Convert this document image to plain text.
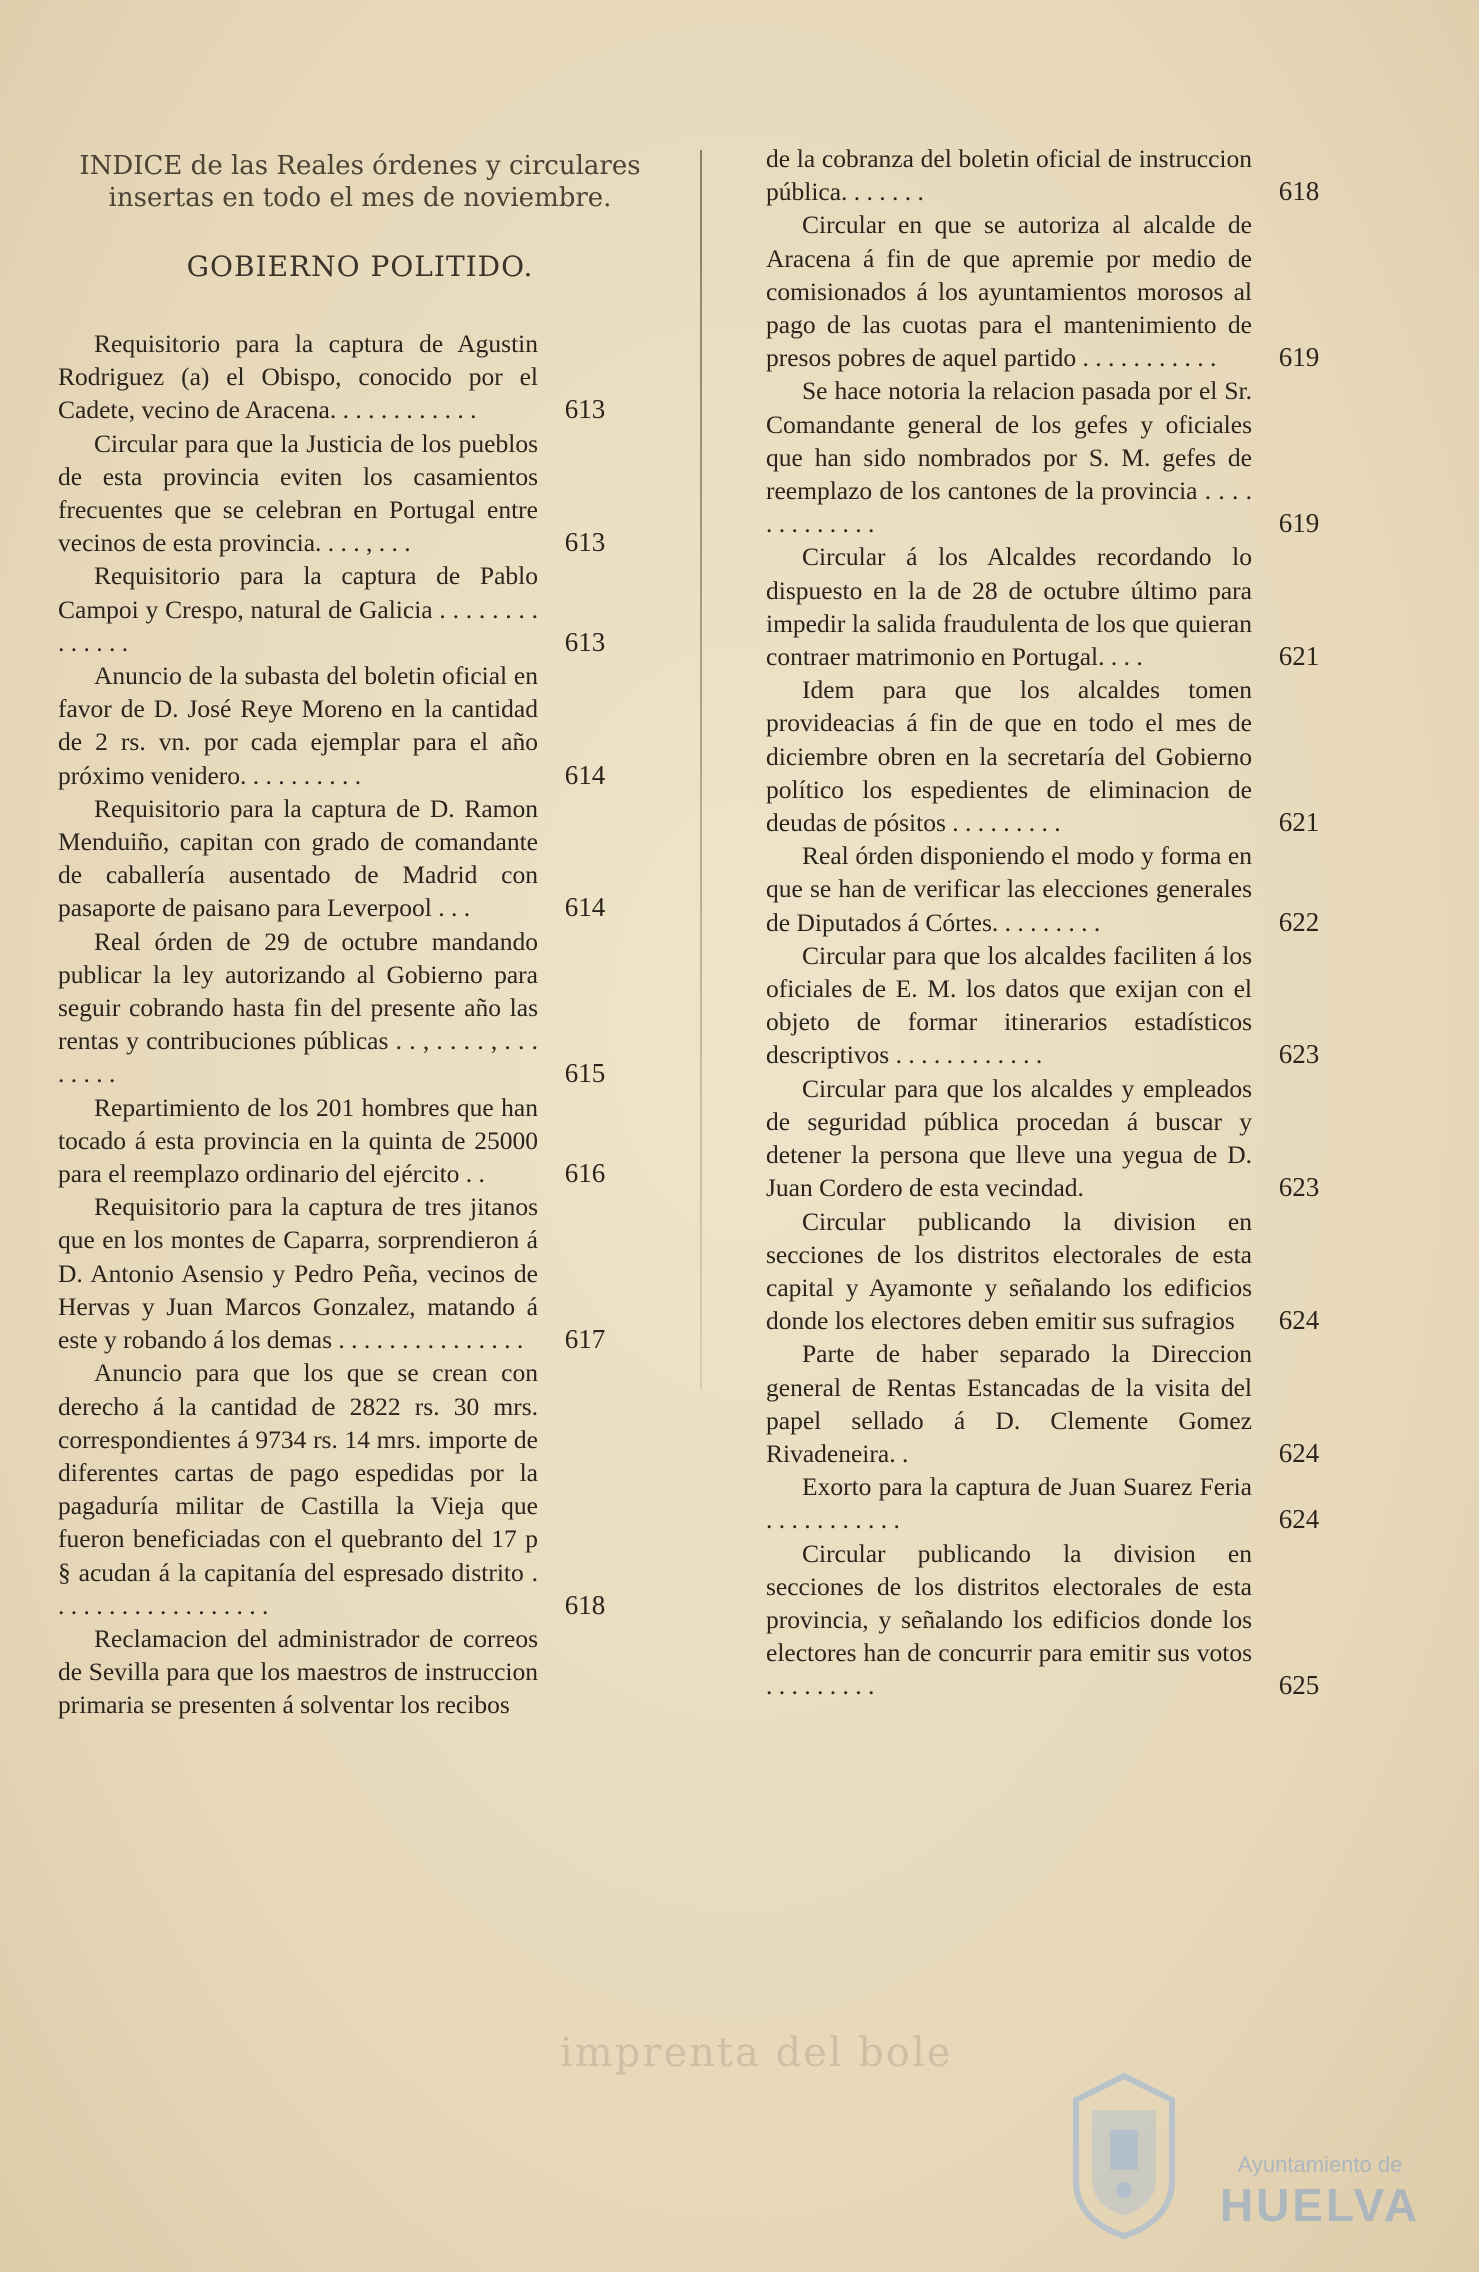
INDICE de las Reales órdenes y circulares
insertas en todo el mes de noviembre.
GOBIERNO POLITIDO.
Requisitorio para la captura de Agustin Rodriguez (a) el Obispo, conocido por el Cadete, vecino de Aracena. . . . . . . . . . . .	613
Circular para que la Justicia de los pueblos de esta provincia eviten los casamientos frecuentes que se celebran en Portugal entre vecinos de esta provincia. . . . , . . .	613
Requisitorio para la captura de Pablo Campoi y Crespo, natural de Galicia . . . . . . . . . . . . . .	613
Anuncio de la subasta del boletin oficial en favor de D. José Reye Moreno en la cantidad de 2 rs. vn. por cada ejemplar para el año próximo venidero. . . . . . . . . .	614
Requisitorio para la captura de D. Ramon Menduiño, capitan con grado de comandante de caballería ausentado de Madrid con pasaporte de paisano para Leverpool . . .	614
Real órden de 29 de octubre mandando publicar la ley autorizando al Gobierno para seguir cobrando hasta fin del presente año las rentas y contribuciones públicas . . , . . . . , . . . . . . . .	615
Repartimiento de los 201 hombres que han tocado á esta provincia en la quinta de 25000 para el reemplazo ordinario del ejército . .	616
Requisitorio para la captura de tres jitanos que en los montes de Caparra, sorprendieron á D. Antonio Asensio y Pedro Peña, vecinos de Hervas y Juan Marcos Gonzalez, matando á este y robando á los demas . . . . . . . . . . . . . . .	617
Anuncio para que los que se crean con derecho á la cantidad de 2822 rs. 30 mrs. correspondientes á 9734 rs. 14 mrs. importe de diferentes cartas de pago espedidas por la pagaduría militar de Castilla la Vieja que fueron beneficiadas con el quebranto del 17 p § acudan á la capitanía del espresado distrito . . . . . . . . . . . . . . . . . .	618
Reclamacion del administrador de correos de Sevilla para que los maestros de instruccion primaria se presenten á solventar los recibos
de la cobranza del boletin oficial de instruccion pública. . . . . . .	618
Circular en que se autoriza al alcalde de Aracena á fin de que apremie por medio de comisionados á los ayuntamientos morosos al pago de las cuotas para el mantenimiento de presos pobres de aquel partido . . . . . . . . . . .	619
Se hace notoria la relacion pasada por el Sr. Comandante general de los gefes y oficiales que han sido nombrados por S. M. gefes de reemplazo de los cantones de la provincia . . . . . . . . . . . . .	619
Circular á los Alcaldes recordando lo dispuesto en la de 28 de octubre último para impedir la salida fraudulenta de los que quieran contraer matrimonio en Portugal. . . .	621
Idem para que los alcaldes tomen provideacias á fin de que en todo el mes de diciembre obren en la secretaría del Gobierno político los espedientes de eliminacion de deudas de pósitos . . . . . . . . .	621
Real órden disponiendo el modo y forma en que se han de verificar las elecciones generales de Diputados á Córtes. . . . . . . . .	622
Circular para que los alcaldes faciliten á los oficiales de E. M. los datos que exijan con el objeto de formar itinerarios estadísticos descriptivos . . . . . . . . . . . .	623
Circular para que los alcaldes y empleados de seguridad pública procedan á buscar y detener la persona que lleve una yegua de D. Juan Cordero de esta vecindad.	623
Circular publicando la division en secciones de los distritos electorales de esta capital y Ayamonte y señalando los edificios donde los electores deben emitir sus sufragios	624
Parte de haber separado la Direccion general de Rentas Estancadas de la visita del papel sellado á D. Clemente Gomez Rivadeneira. .	624
Exorto para la captura de Juan Suarez Feria . . . . . . . . . . .	624
Circular publicando la division en secciones de los distritos electorales de esta provincia, y señalando los edificios donde los electores han de concurrir para emitir sus votos . . . . . . . . .	625
imprenta del bole
Ayuntamiento de
HUELVA
